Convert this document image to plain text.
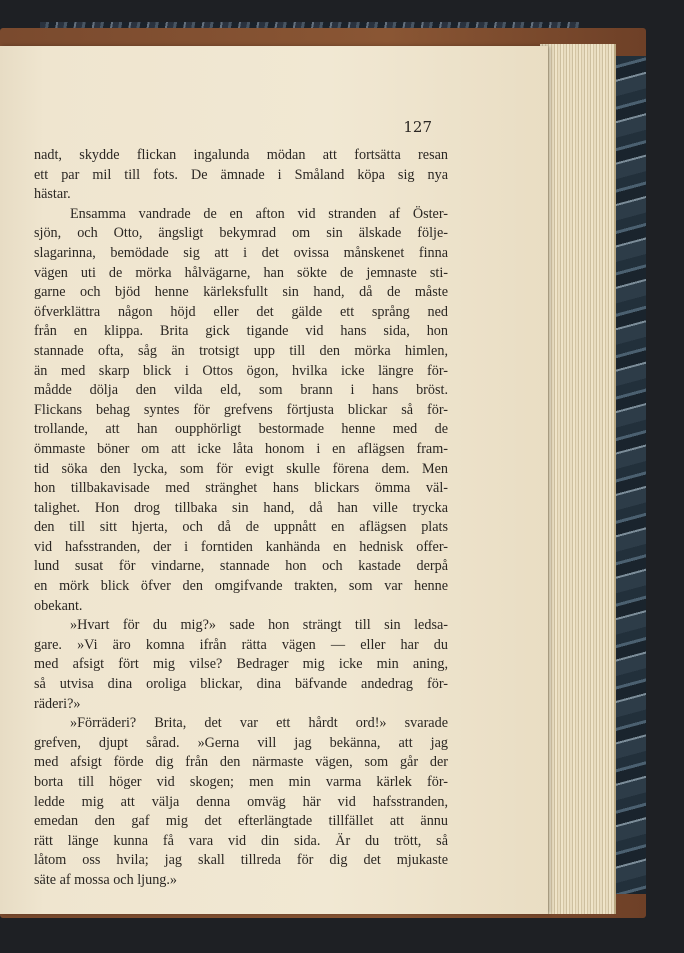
127
nadt, skydde flickan ingalunda mödan att fortsätta resan
ett par mil till fots. De ämnade i Småland köpa sig nya
hästar.
Ensamma vandrade de en afton vid stranden af Öster-
sjön, och Otto, ängsligt bekymrad om sin älskade följe-
slagarinna, bemödade sig att i det ovissa månskenet finna
vägen uti de mörka hålvägarne, han sökte de jemnaste sti-
garne och bjöd henne kärleksfullt sin hand, då de måste
öfverklättra någon höjd eller det gälde ett språng ned
från en klippa. Brita gick tigande vid hans sida, hon
stannade ofta, såg än trotsigt upp till den mörka himlen,
än med skarp blick i Ottos ögon, hvilka icke längre för-
mådde dölja den vilda eld, som brann i hans bröst.
Flickans behag syntes för grefvens förtjusta blickar så för-
trollande, att han oupphörligt bestormade henne med de
ömmaste böner om att icke låta honom i en aflägsen fram-
tid söka den lycka, som för evigt skulle förena dem. Men
hon tillbakavisade med stränghet hans blickars ömma väl-
talighet. Hon drog tillbaka sin hand, då han ville trycka
den till sitt hjerta, och då de uppnått en aflägsen plats
vid hafsstranden, der i forntiden kanhända en hednisk offer-
lund susat för vindarne, stannade hon och kastade derpå
en mörk blick öfver den omgifvande trakten, som var henne
obekant.
»Hvart för du mig?» sade hon strängt till sin ledsa-
gare. »Vi äro komna ifrån rätta vägen — eller har du
med afsigt fört mig vilse? Bedrager mig icke min aning,
så utvisa dina oroliga blickar, dina bäfvande andedrag för-
räderi?»
»Förräderi? Brita, det var ett hårdt ord!» svarade
grefven, djupt sårad. »Gerna vill jag bekänna, att jag
med afsigt förde dig från den närmaste vägen, som går der
borta till höger vid skogen; men min varma kärlek för-
ledde mig att välja denna omväg här vid hafsstranden,
emedan den gaf mig det efterlängtade tillfället att ännu
rätt länge kunna få vara vid din sida. Är du trött, så
låtom oss hvila; jag skall tillreda för dig det mjukaste
säte af mossa och ljung.»
